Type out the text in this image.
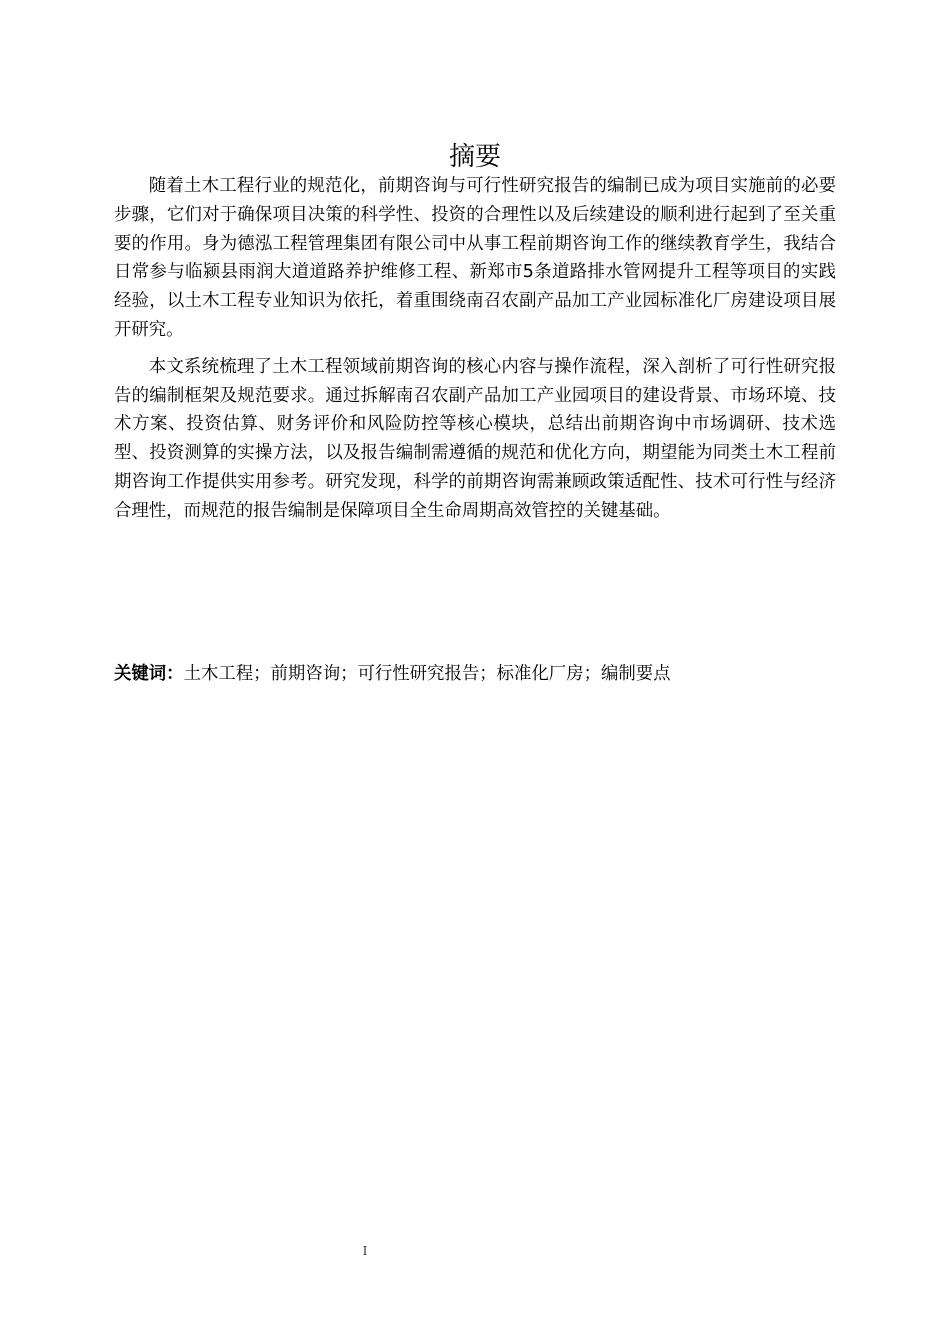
摘要

随着土木工程行业的规范化，前期咨询与可行性研究报告的编制已成为项目实施前的必要步骤，它们对于确保项目决策的科学性、投资的合理性以及后续建设的顺利进行起到了至关重要的作用。身为德泓工程管理集团有限公司中从事工程前期咨询工作的继续教育学生，我结合日常参与临颍县雨润大道道路养护维修工程、新郑市5条道路排水管网提升工程等项目的实践经验，以土木工程专业知识为依托，着重围绕南召农副产品加工产业园标准化厂房建设项目展开研究。

本文系统梳理了土木工程领域前期咨询的核心内容与操作流程，深入剖析了可行性研究报告的编制框架及规范要求。通过拆解南召农副产品加工产业园项目的建设背景、市场环境、技术方案、投资估算、财务评价和风险防控等核心模块，总结出前期咨询中市场调研、技术选型、投资测算的实操方法，以及报告编制需遵循的规范和优化方向，期望能为同类土木工程前期咨询工作提供实用参考。研究发现，科学的前期咨询需兼顾政策适配性、技术可行性与经济合理性，而规范的报告编制是保障项目全生命周期高效管控的关键基础。

关键词：土木工程；前期咨询；可行性研究报告；标准化厂房；编制要点
I
